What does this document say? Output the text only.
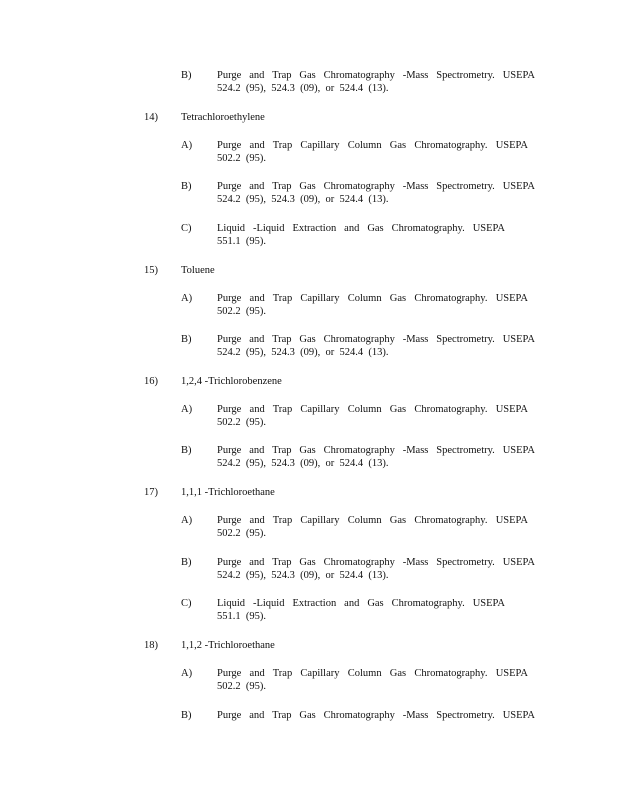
B) Purge and Trap Gas Chromatography -Mass Spectrometry. USEPA
524.2  (95),  524.3  (09),  or  524.4  (13).
14) Tetrachloroethylene
A) Purge and Trap Capillary Column Gas Chromatography. USEPA
502.2  (95).
B) Purge and Trap Gas Chromatography -Mass Spectrometry. USEPA
524.2  (95),  524.3  (09),  or  524.4  (13).
C) Liquid -Liquid Extraction and Gas Chromatography. USEPA
551.1  (95).
15) Toluene
A) Purge and Trap Capillary Column Gas Chromatography. USEPA
502.2  (95).
B) Purge and Trap Gas Chromatography -Mass Spectrometry. USEPA
524.2  (95),  524.3  (09),  or  524.4  (13).
16) 1,2,4 -Trichlorobenzene
A) Purge and Trap Capillary Column Gas Chromatography. USEPA
502.2  (95).
B) Purge and Trap Gas Chromatography -Mass Spectrometry. USEPA
524.2  (95),  524.3  (09),  or  524.4  (13).
17) 1,1,1 -Trichloroethane
A) Purge and Trap Capillary Column Gas Chromatography. USEPA
502.2  (95).
B) Purge and Trap Gas Chromatography -Mass Spectrometry. USEPA
524.2  (95),  524.3  (09),  or  524.4  (13).
C) Liquid -Liquid Extraction and Gas Chromatography. USEPA
551.1  (95).
18) 1,1,2 -Trichloroethane
A) Purge and Trap Capillary Column Gas Chromatography. USEPA
502.2  (95).
B) Purge and Trap Gas Chromatography -Mass Spectrometry. USEPA
